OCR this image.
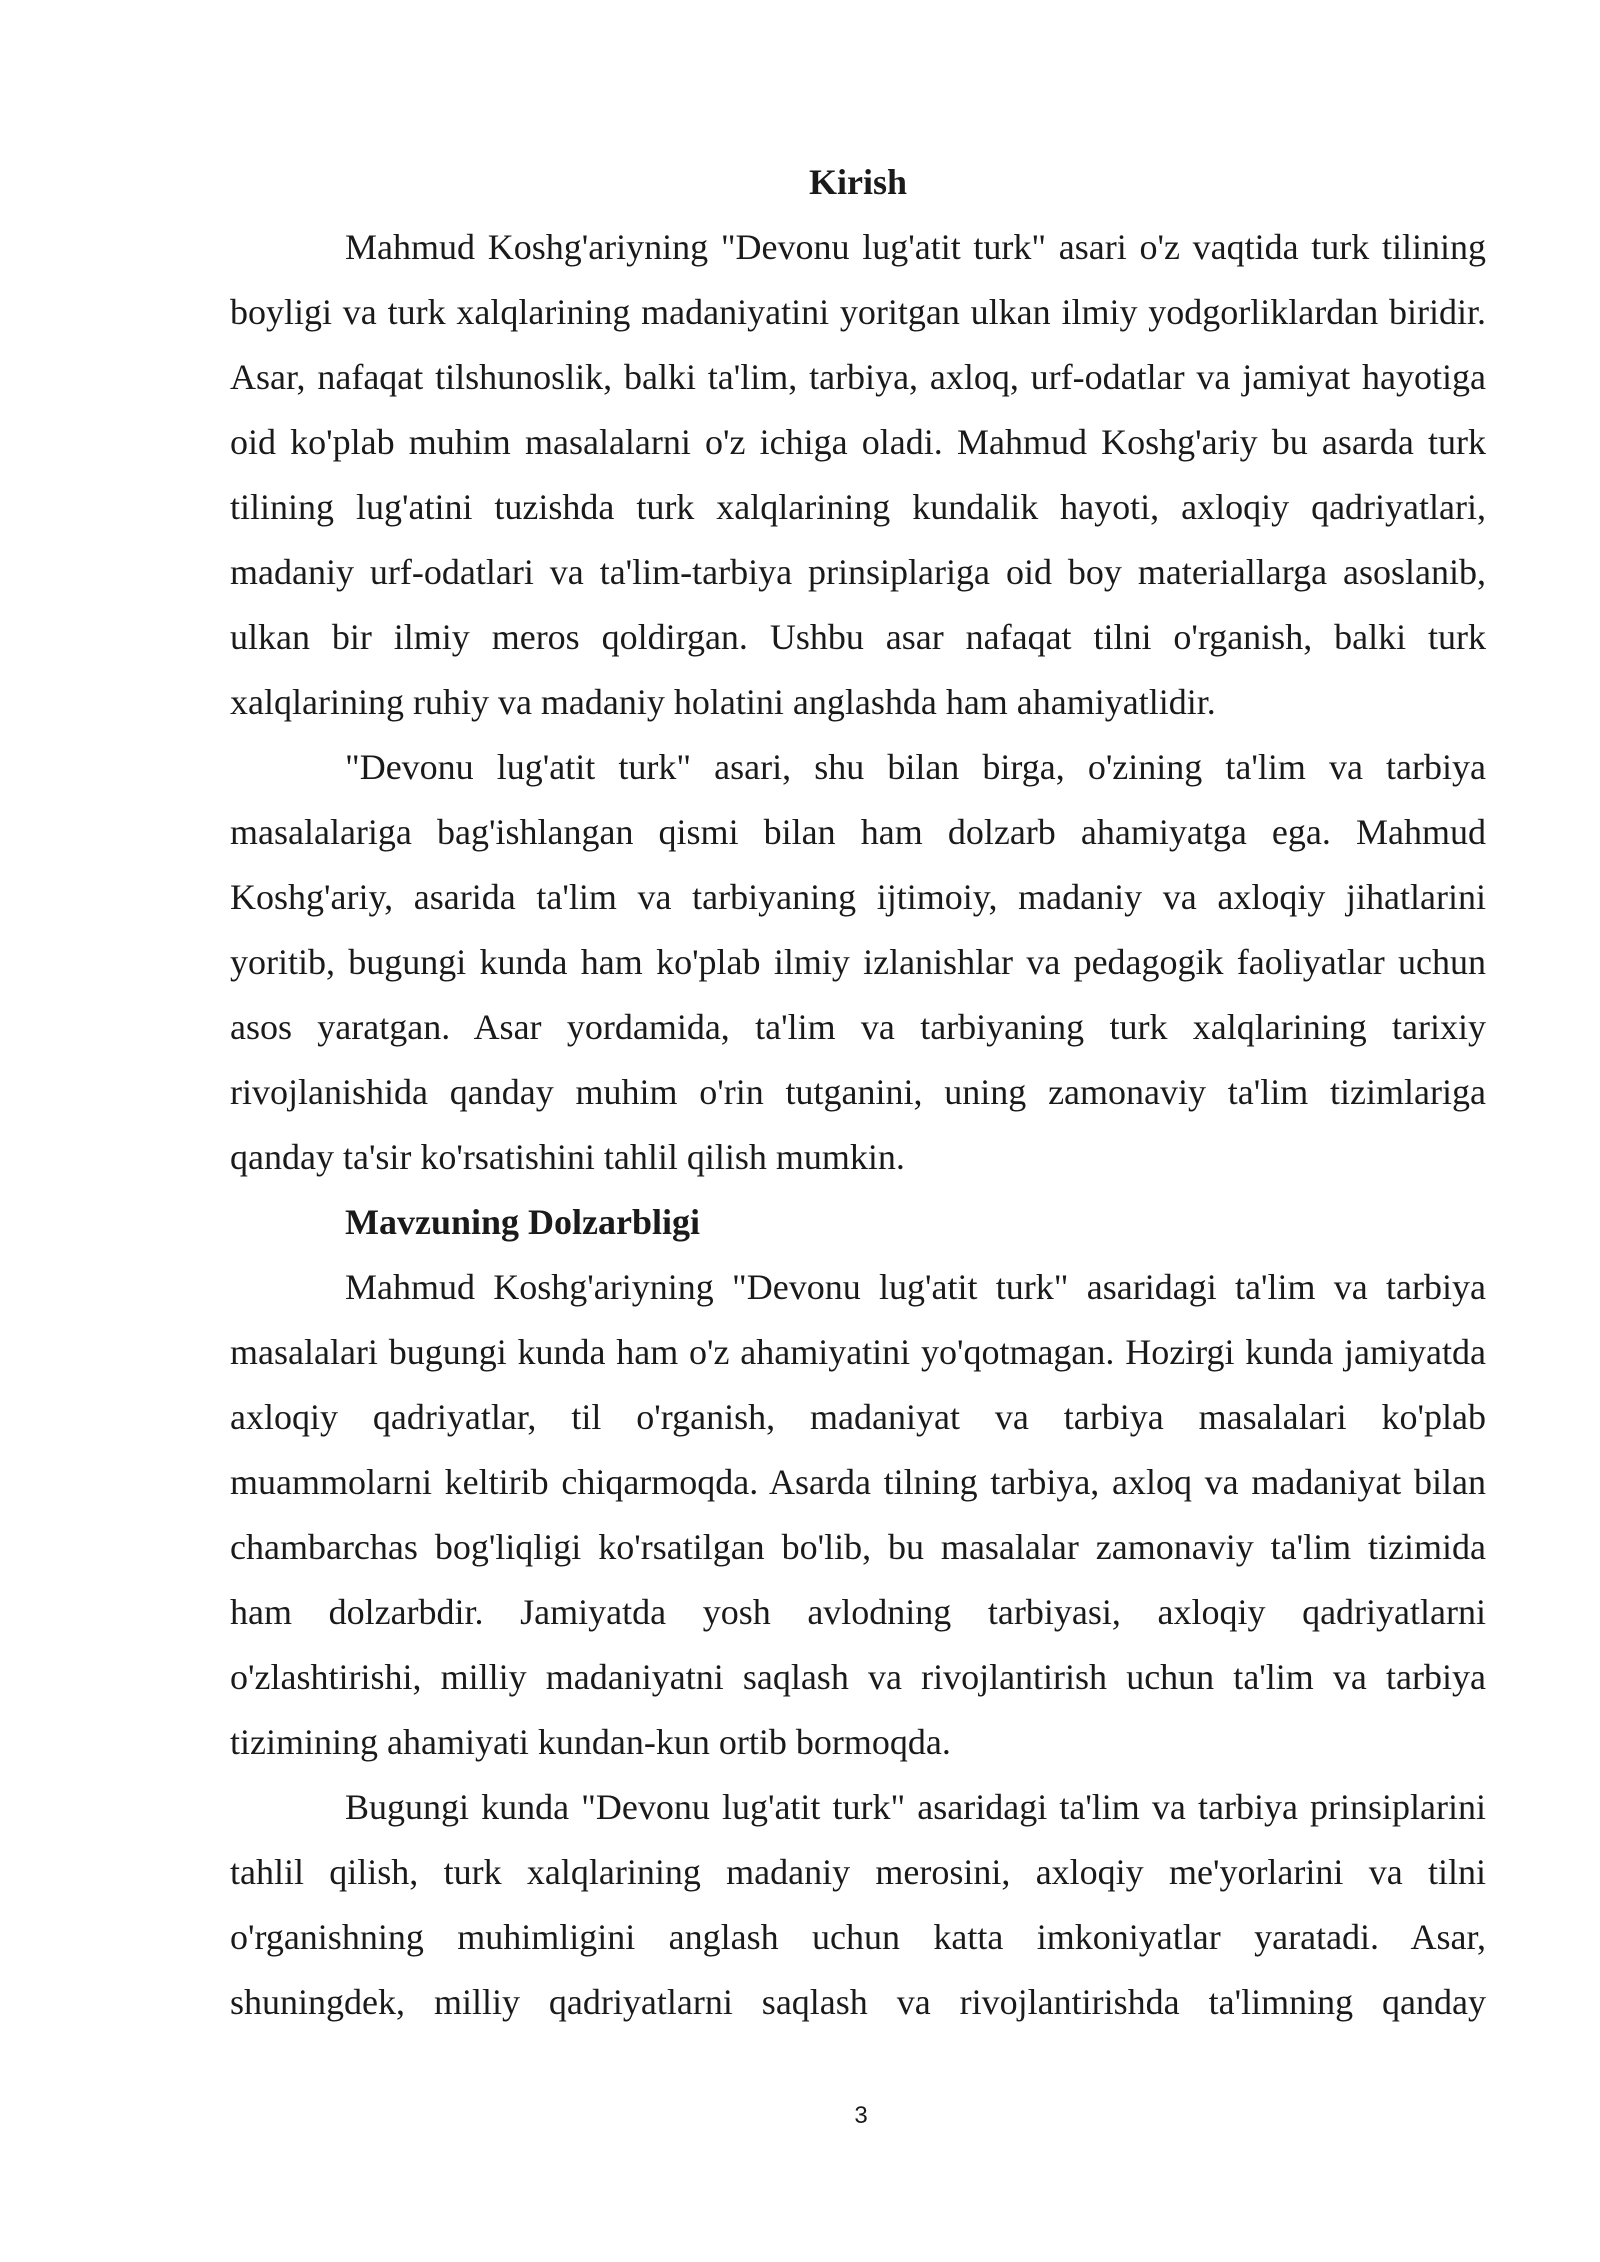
Kirish

Mahmud Koshg'ariyning "Devonu lug'atit turk" asari o'z vaqtida turk tilining boyligi va turk xalqlarining madaniyatini yoritgan ulkan ilmiy yodgorliklardan biridir. Asar, nafaqat tilshunoslik, balki ta'lim, tarbiya, axloq, urf-odatlar va jamiyat hayotiga oid ko'plab muhim masalalarni o'z ichiga oladi. Mahmud Koshg'ariy bu asarda turk tilining lug'atini tuzishda turk xalqlarining kundalik hayoti, axloqiy qadriyatlari, madaniy urf-odatlari va ta'lim-tarbiya prinsiplariga oid boy materiallarga asoslanib, ulkan bir ilmiy meros qoldirgan. Ushbu asar nafaqat tilni o'rganish, balki turk xalqlarining ruhiy va madaniy holatini anglashda ham ahamiyatlidir.

"Devonu lug'atit turk" asari, shu bilan birga, o'zining ta'lim va tarbiya masalalariga bag'ishlangan qismi bilan ham dolzarb ahamiyatga ega. Mahmud Koshg'ariy, asarida ta'lim va tarbiyaning ijtimoiy, madaniy va axloqiy jihatlarini yoritib, bugungi kunda ham ko'plab ilmiy izlanishlar va pedagogik faoliyatlar uchun asos yaratgan. Asar yordamida, ta'lim va tarbiyaning turk xalqlarining tarixiy rivojlanishida qanday muhim o'rin tutganini, uning zamonaviy ta'lim tizimlariga qanday ta'sir ko'rsatishini tahlil qilish mumkin.

Mavzuning Dolzarbligi

Mahmud Koshg'ariyning "Devonu lug'atit turk" asaridagi ta'lim va tarbiya masalalari bugungi kunda ham o'z ahamiyatini yo'qotmagan. Hozirgi kunda jamiyatda axloqiy qadriyatlar, til o'rganish, madaniyat va tarbiya masalalari ko'plab muammolarni keltirib chiqarmoqda. Asarda tilning tarbiya, axloq va madaniyat bilan chambarchas bog'liqligi ko'rsatilgan bo'lib, bu masalalar zamonaviy ta'lim tizimida ham dolzarbdir. Jamiyatda yosh avlodning tarbiyasi, axloqiy qadriyatlarni o'zlashtirishi, milliy madaniyatni saqlash va rivojlantirish uchun ta'lim va tarbiya tizimining ahamiyati kundan-kun ortib bormoqda.

Bugungi kunda "Devonu lug'atit turk" asaridagi ta'lim va tarbiya prinsiplarini tahlil qilish, turk xalqlarining madaniy merosini, axloqiy me'yorlarini va tilni o'rganishning muhimligini anglash uchun katta imkoniyatlar yaratadi. Asar, shuningdek, milliy qadriyatlarni saqlash va rivojlantirishda ta'limning qanday

3
